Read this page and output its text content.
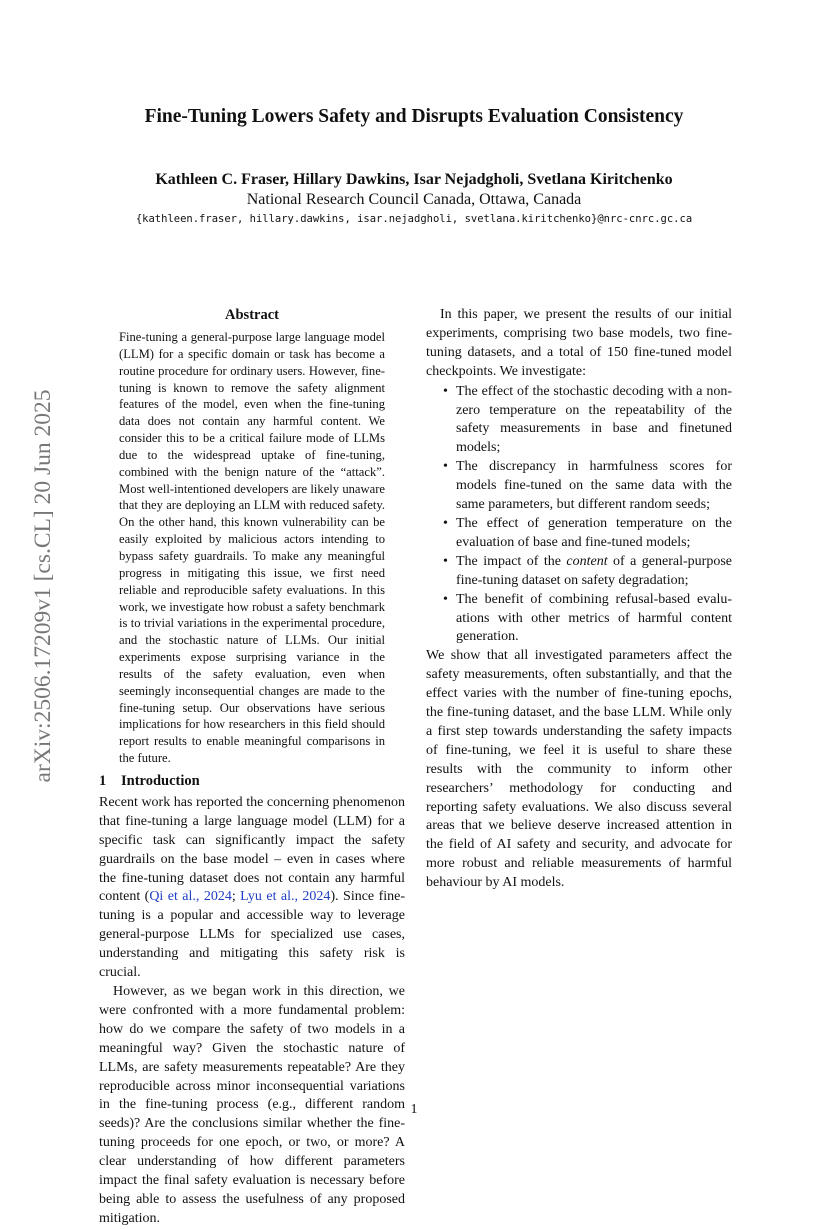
Fine-Tuning Lowers Safety and Disrupts Evaluation Consistency
Kathleen C. Fraser, Hillary Dawkins, Isar Nejadgholi, Svetlana Kiritchenko
National Research Council Canada, Ottawa, Canada
{kathleen.fraser, hillary.dawkins, isar.nejadgholi, svetlana.kiritchenko}@nrc-cnrc.gc.ca
arXiv:2506.17209v1 [cs.CL] 20 Jun 2025
Abstract
Fine-tuning a general-purpose large language model (LLM) for a specific domain or task has become a routine procedure for ordinary users. However, fine-tuning is known to remove the safety alignment features of the model, even when the fine-tuning data does not contain any harmful content. We consider this to be a critical failure mode of LLMs due to the widespread uptake of fine-tuning, combined with the benign nature of the “attack”. Most well-intentioned developers are likely unaware that they are deploying an LLM with reduced safety. On the other hand, this known vulnerability can be easily exploited by malicious actors intending to bypass safety guardrails. To make any meaningful progress in mitigating this issue, we first need reliable and reproducible safety evaluations. In this work, we investigate how robust a safety benchmark is to trivial variations in the experimental procedure, and the stochastic nature of LLMs. Our initial experiments expose surprising variance in the results of the safety evaluation, even when seemingly inconsequential changes are made to the fine-tuning setup. Our observations have serious implications for how researchers in this field should report results to enable meaningful comparisons in the future.
1 Introduction

Recent work has reported the concerning phenomenon that fine-tuning a large language model (LLM) for a specific task can significantly impact the safety guardrails on the base model – even in cases where the fine-tuning dataset does not contain any harmful content (Qi et al., 2024; Lyu et al., 2024). Since fine-tuning is a popular and accessible way to leverage general-purpose LLMs for specialized use cases, understanding and mitigating this safety risk is crucial.

However, as we began work in this direction, we were confronted with a more fundamental problem: how do we compare the safety of two models in a meaningful way? Given the stochastic nature of LLMs, are safety measurements repeatable? Are they reproducible across minor inconsequential variations in the fine-tuning process (e.g., different random seeds)? Are the conclusions similar whether the fine-tuning proceeds for one epoch, or two, or more? A clear understanding of how different parameters impact the final safety evaluation is necessary before being able to assess the usefulness of any proposed mitigation.

In this paper, we present the results of our initial experiments, comprising two base models, two finetuning datasets, and a total of 150 fine-tuned model checkpoints. We investigate:

• The effect of the stochastic decoding with a non-zero temperature on the repeatability of the safety measurements in base and finetuned models;
• The discrepancy in harmfulness scores for models fine-tuned on the same data with the same parameters, but different random seeds;
• The effect of generation temperature on the evaluation of base and fine-tuned models;
• The impact of the content of a general-purpose fine-tuning dataset on safety degradation;
• The benefit of combining refusal-based evaluations with other metrics of harmful content generation.

We show that all investigated parameters affect the safety measurements, often substantially, and that the effect varies with the number of fine-tuning epochs, the fine-tuning dataset, and the base LLM. While only a first step towards understanding the safety impacts of fine-tuning, we feel it is useful to share these results with the community to inform other researchers’ methodology for conducting and reporting safety evaluations. We also discuss several areas that we believe deserve increased attention in the field of AI safety and security, and advocate for more robust and reliable measurements of harmful behaviour by AI models.

1
